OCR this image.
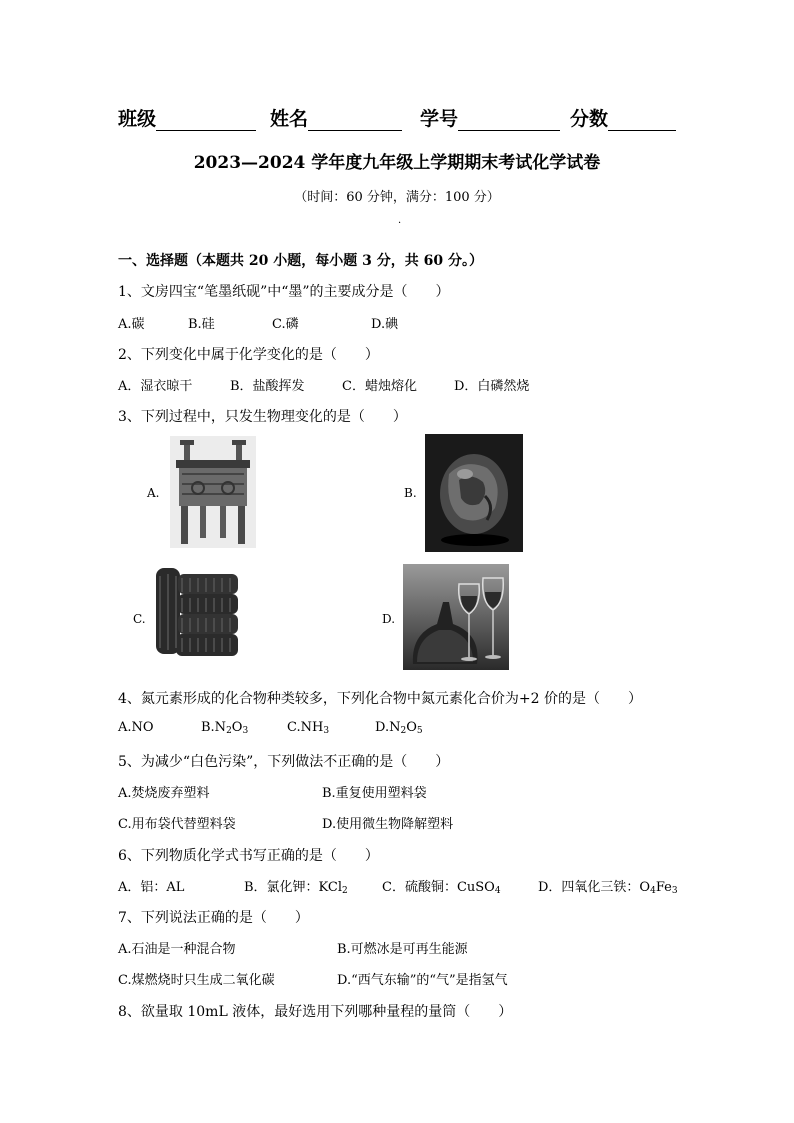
班级	姓名	学号	分数
2023—2024 学年度九年级上学期期末考试化学试卷
（时间：60 分钟，满分：100 分）
·
一、选择题（本题共 20 小题，每小题 3 分，共 60 分。）
1、文房四宝“笔墨纸砚”中“墨”的主要成分是（　　）
A.碳	B.硅	C.磷	D.碘
2、下列变化中属于化学变化的是（　　）
A．湿衣晾干	B．盐酸挥发	C．蜡烛熔化	D．白磷然烧
3、下列过程中，只发生物理变化的是（　　）
A.	B.
C.	D.
4、氮元素形成的化合物种类较多，下列化合物中氮元素化合价为+2 价的是（　　）
A.NO	$B.N_2O_3$	$C.NH_3$	$D.N_2O_5$
5、为减少“白色污染”，下列做法不正确的是（　　）
A.焚烧废弃塑料	B.重复使用塑料袋
C.用布袋代替塑料袋	D.使用微生物降解塑料
6、下列物质化学式书写正确的是（　　）
A．铝：AL	B．氯化钾：KCl$_2$	C．硫酸铜：CuSO$_4$	D．四氧化三铁：$O_4Fe_3$
7、下列说法正确的是（　　）
A.石油是一种混合物	B.可燃冰是可再生能源
C.煤燃烧时只生成二氧化碳	D.“西气东输”的“气”是指氢气
8、欲量取 10mL 液体，最好选用下列哪种量程的量筒（　　）
